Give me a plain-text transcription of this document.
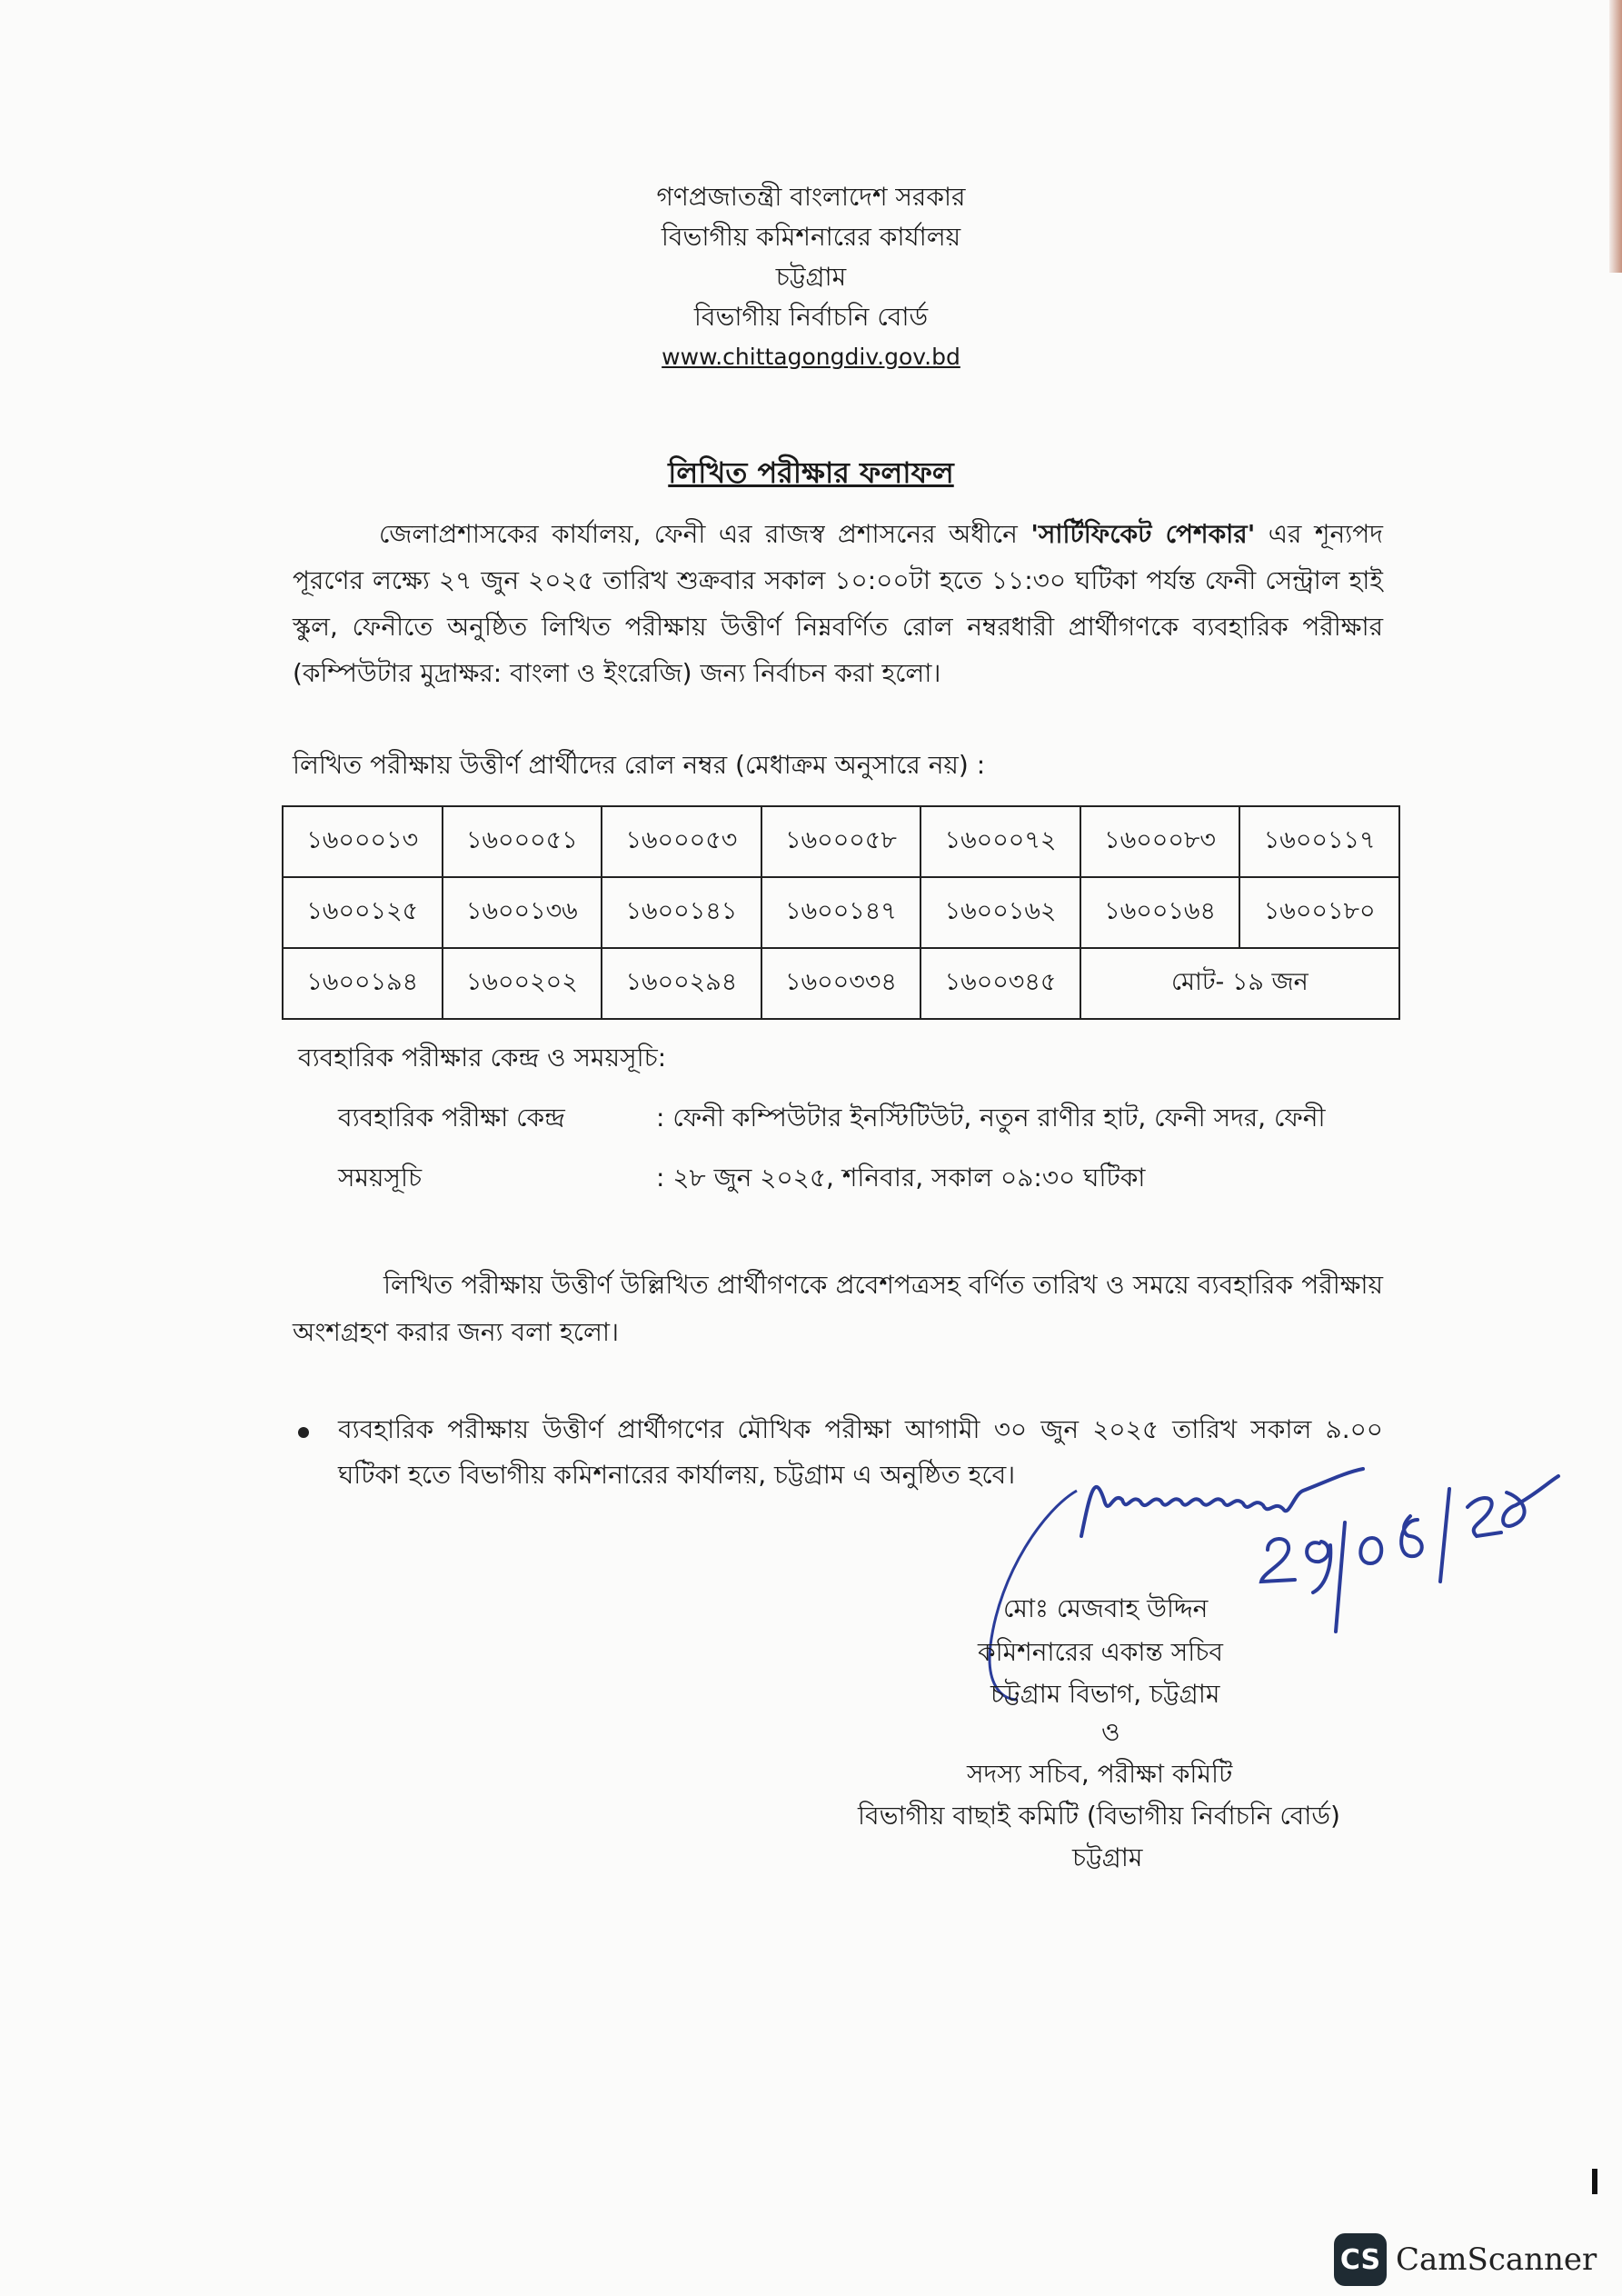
গণপ্রজাতন্ত্রী বাংলাদেশ সরকার
বিভাগীয় কমিশনারের কার্যালয়
চট্টগ্রাম
বিভাগীয় নির্বাচনি বোর্ড
www.chittagongdiv.gov.bd
লিখিত পরীক্ষার ফলাফল
জেলাপ্রশাসকের কার্যালয়, ফেনী এর রাজস্ব প্রশাসনের অধীনে 'সার্টিফিকেট পেশকার' এর শূন্যপদ পূরণের লক্ষ্যে ২৭ জুন ২০২৫ তারিখ শুক্রবার সকাল ১০:০০টা হতে ১১:৩০ ঘটিকা পর্যন্ত ফেনী সেন্ট্রাল হাই স্কুল, ফেনীতে অনুষ্ঠিত লিখিত পরীক্ষায় উত্তীর্ণ নিম্নবর্ণিত রোল নম্বরধারী প্রার্থীগণকে ব্যবহারিক পরীক্ষার (কম্পিউটার মুদ্রাক্ষর: বাংলা ও ইংরেজি) জন্য নির্বাচন করা হলো।
লিখিত পরীক্ষায় উত্তীর্ণ প্রার্থীদের রোল নম্বর (মেধাক্রম অনুসারে নয়) :
১৬০০০১৩	১৬০০০৫১	১৬০০০৫৩	১৬০০০৫৮	১৬০০০৭২	১৬০০০৮৩	১৬০০১১৭
১৬০০১২৫	১৬০০১৩৬	১৬০০১৪১	১৬০০১৪৭	১৬০০১৬২	১৬০০১৬৪	১৬০০১৮০
১৬০০১৯৪	১৬০০২০২	১৬০০২৯৪	১৬০০৩৩৪	১৬০০৩৪৫	মোট- ১৯ জন	
ব্যবহারিক পরীক্ষার কেন্দ্র ও সময়সূচি:
ব্যবহারিক পরীক্ষা কেন্দ্র	: ফেনী কম্পিউটার ইনস্টিটিউট, নতুন রাণীর হাট, ফেনী সদর, ফেনী
সময়সূচি	: ২৮ জুন ২০২৫, শনিবার, সকাল ০৯:৩০ ঘটিকা
লিখিত পরীক্ষায় উত্তীর্ণ উল্লিখিত প্রার্থীগণকে প্রবেশপত্রসহ বর্ণিত তারিখ ও সময়ে ব্যবহারিক পরীক্ষায় অংশগ্রহণ করার জন্য বলা হলো।
ব্যবহারিক পরীক্ষায় উত্তীর্ণ প্রার্থীগণের মৌখিক পরীক্ষা আগামী ৩০ জুন ২০২৫ তারিখ সকাল ৯.০০ ঘটিকা হতে বিভাগীয় কমিশনারের কার্যালয়, চট্টগ্রাম এ অনুষ্ঠিত হবে।
মোঃ মেজবাহ উদ্দিন
কমিশনারের একান্ত সচিব
চট্টগ্রাম বিভাগ, চট্টগ্রাম
ও
সদস্য সচিব, পরীক্ষা কমিটি
বিভাগীয় বাছাই কমিটি (বিভাগীয় নির্বাচনি বোর্ড)
চট্টগ্রাম
CS CamScanner
